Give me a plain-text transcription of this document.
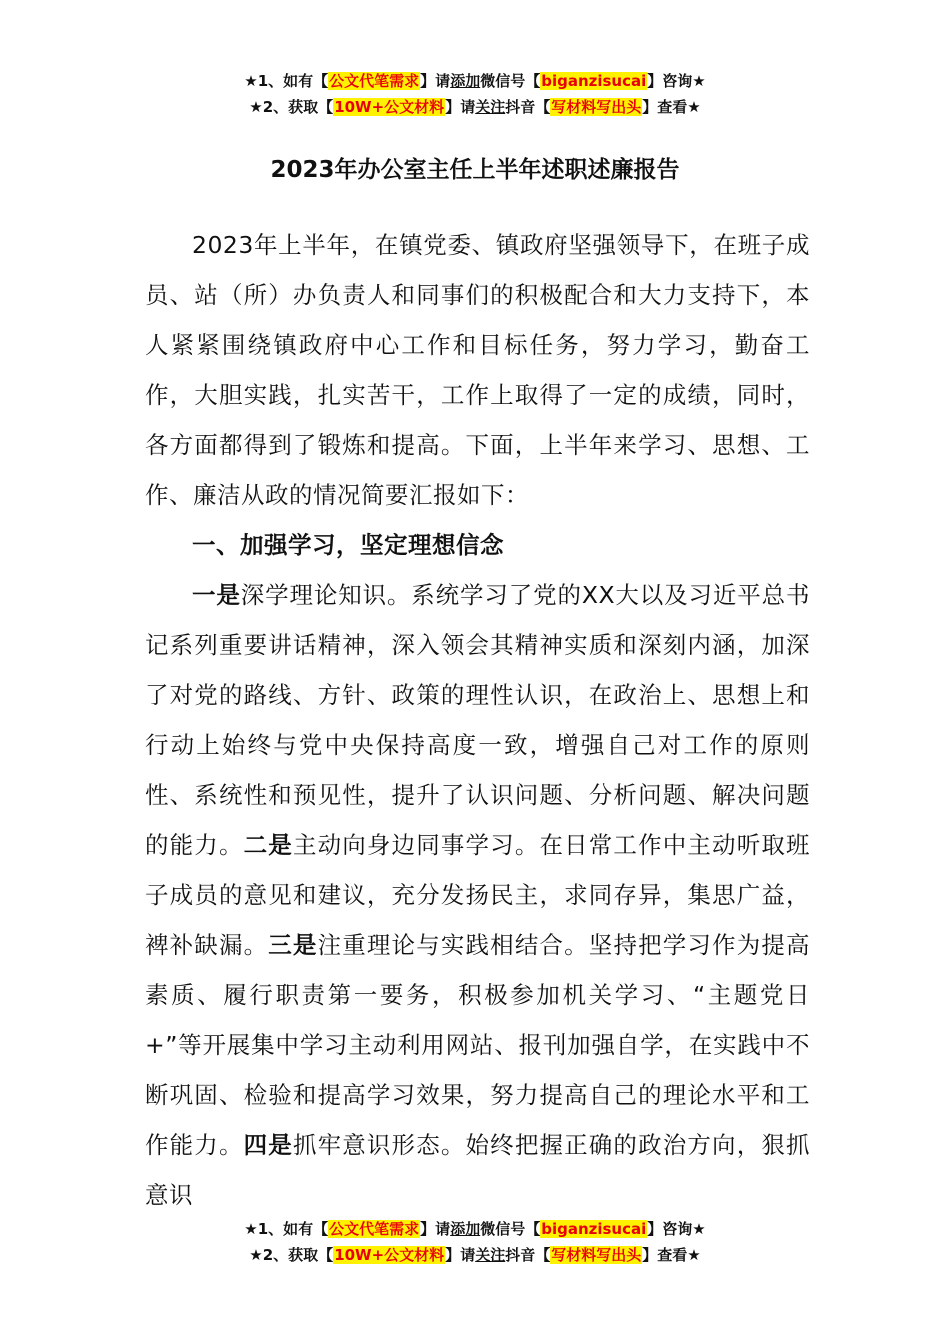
★1、如有【公文代笔需求】请添加微信号【biganzisucai】咨询★
★2、获取【10W+公文材料】请关注抖音【写材料写出头】查看★
2023年办公室主任上半年述职述廉报告

2023年上半年，在镇党委、镇政府坚强领导下，在班子成员、站（所）办负责人和同事们的积极配合和大力支持下，本人紧紧围绕镇政府中心工作和目标任务，努力学习，勤奋工作，大胆实践，扎实苦干，工作上取得了一定的成绩，同时，各方面都得到了锻炼和提高。下面，上半年来学习、思想、工作、廉洁从政的情况简要汇报如下：

一、加强学习，坚定理想信念

一是深学理论知识。系统学习了党的XX大以及习近平总书记系列重要讲话精神，深入领会其精神实质和深刻内涵，加深了对党的路线、方针、政策的理性认识，在政治上、思想上和行动上始终与党中央保持高度一致，增强自己对工作的原则性、系统性和预见性，提升了认识问题、分析问题、解决问题的能力。二是主动向身边同事学习。在日常工作中主动听取班子成员的意见和建议，充分发扬民主，求同存异，集思广益，裨补缺漏。三是注重理论与实践相结合。坚持把学习作为提高素质、履行职责第一要务，积极参加机关学习、“主题党日+”等开展集中学习主动利用网站、报刊加强自学，在实践中不断巩固、检验和提高学习效果，努力提高自己的理论水平和工作能力。四是抓牢意识形态。始终把握正确的政治方向，狠抓意识

★1、如有【公文代笔需求】请添加微信号【biganzisucai】咨询★
★2、获取【10W+公文材料】请关注抖音【写材料写出头】查看★
